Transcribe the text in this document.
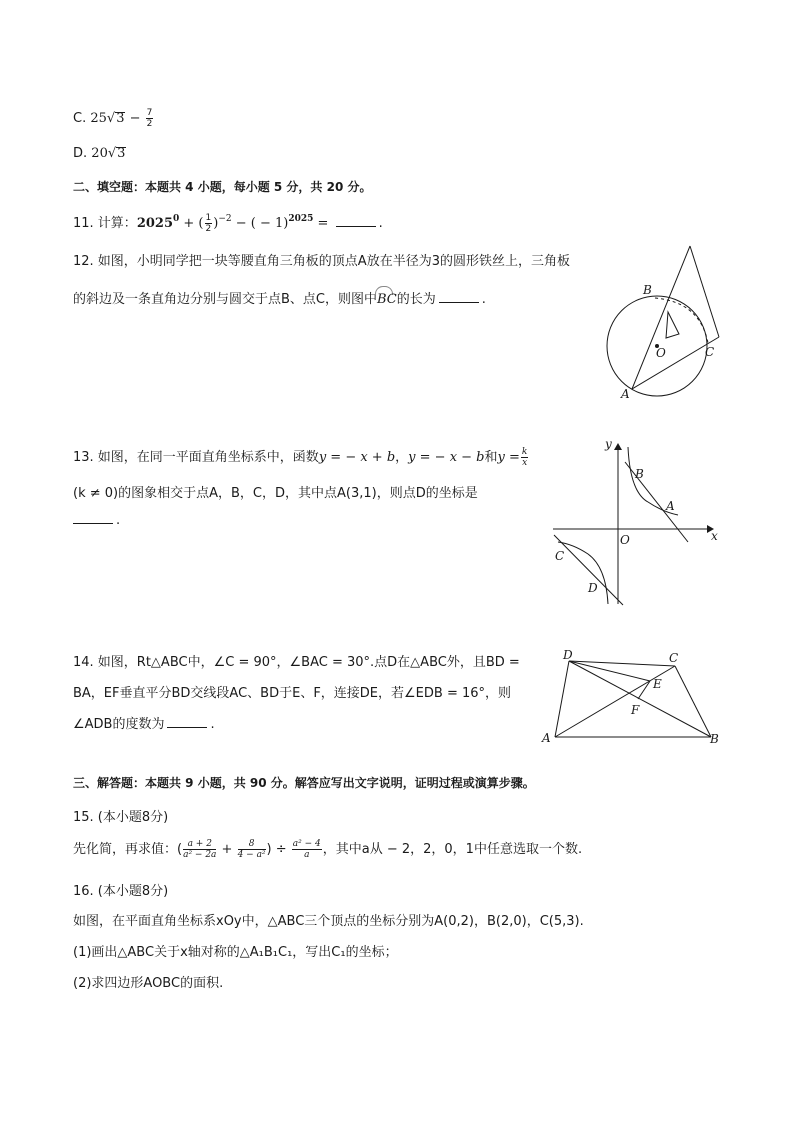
C. $25√3 - \frac{7}{2}$
D. 20√3
二、填空题：本题共 4 小题，每小题 5 分，共 20 分。
11. 计算：$2025^0$ + ( $\frac{1}{2} )^{-2}$ − ( − 1)$^{2025}$ =	.
12. 如图，小明同学把一块等腰直角三角板的顶点A放在半径为3的圆形铁丝上，三角板
的斜边及一条直角边分别与圆交于点B、点C，则图中BC的长为	.
B
O	C
A
13. 如图，在同一平面直角坐标系中，函数y = − x + b，y = − x − b和$y = \frac{k}{x}$
(k ≠ 0)的图象相交于点A，B，C，D，其中点A(3,1)，则点D的坐标是
.
y
x
O
B
A
C
D
14. 如图，Rt△ABC中，∠C = 90°，∠BAC = 30°.点D在△ABC外，且BD =
BA，EF垂直平分BD交线段AC、BD于E、F，连接DE，若∠EDB = 16°，则
∠ADB的度数为	.
D	C
E
F
A	B
三、解答题：本题共 9 小题，共 90 分。解答应写出文字说明，证明过程或演算步骤。
15. (本小题8分)
先化简，再求值：( $\frac{a + 2}{\text{a² − 2a}} + \frac{8}{\text{4 − a²}}$ ) ÷ $\frac{\text{a² − 4}}{a}$ ，其中a从 − 2，2，0，1中任意选取一个数.
16. (本小题8分)
如图，在平面直角坐标系xOy中，△ABC三个顶点的坐标分别为A(0,2)，B(2,0)，C(5,3).
(1)画出△ABC关于x轴对称的△A₁B₁C₁，写出C₁的坐标；
(2)求四边形AOBC的面积.
